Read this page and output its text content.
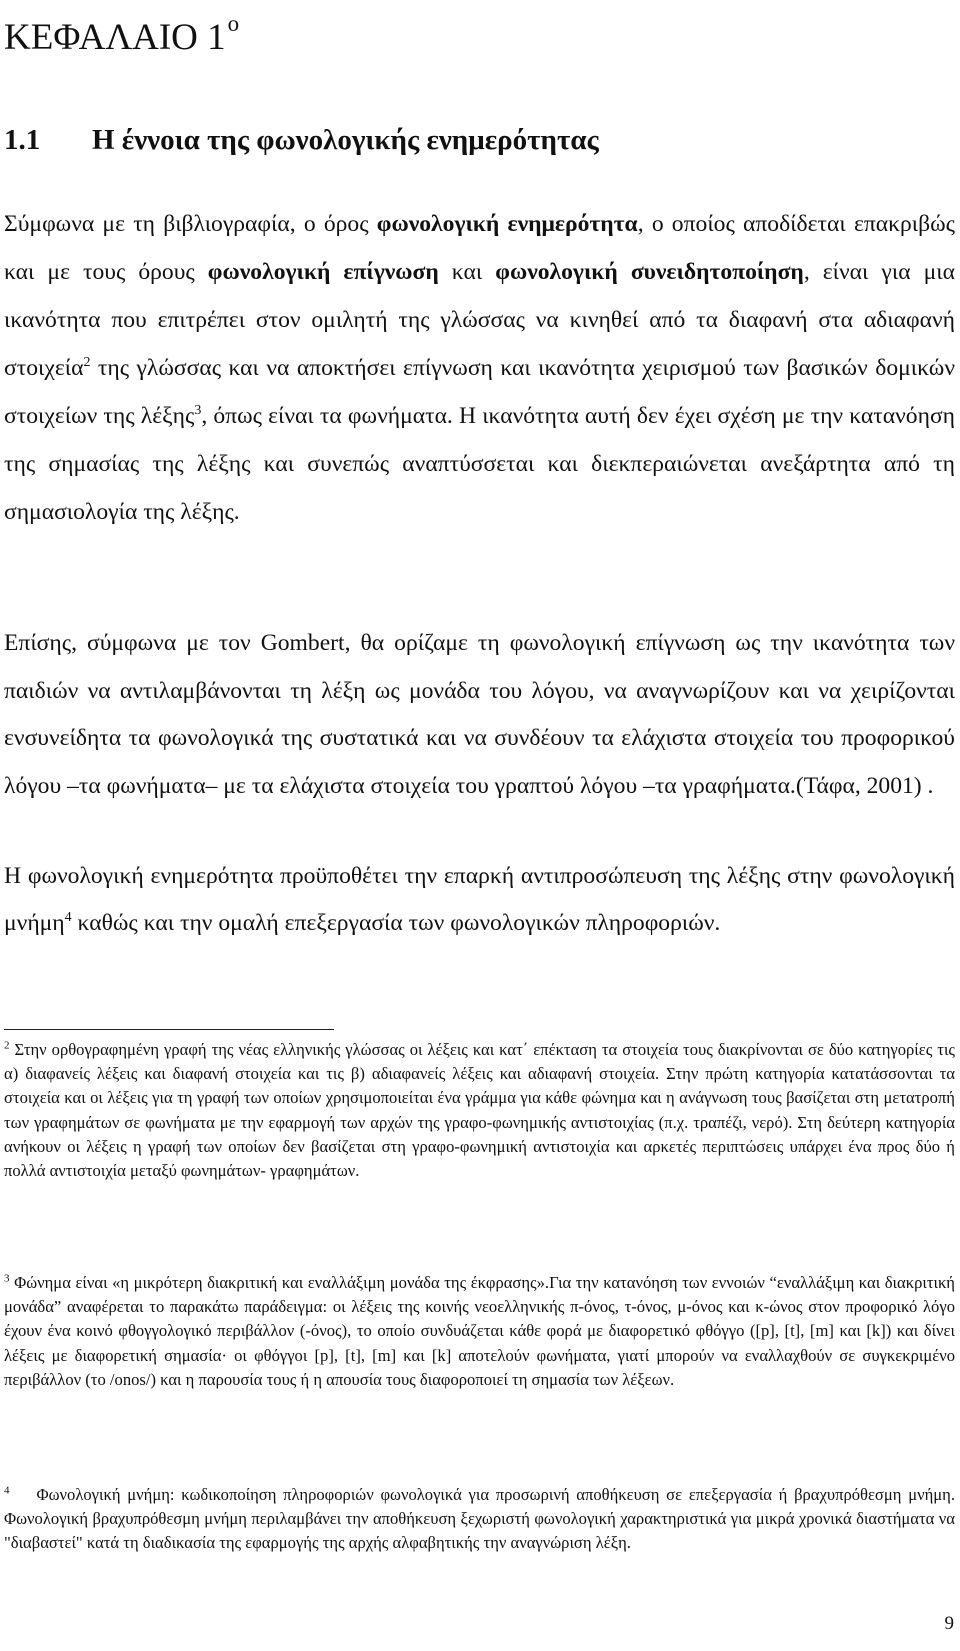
ΚΕΦΑΛΑΙΟ $1^o$
1.1 Η έννοια της φωνολογικής ενημερότητας

Σύμφωνα με τη βιβλιογραφία, ο όρος φωνολογική ενημερότητα, ο οποίος αποδίδεται επακριβώς και με τους όρους φωνολογική επίγνωση και φωνολογική συνειδητοποίηση, είναι για μια ικανότητα που επιτρέπει στον ομιλητή της γλώσσας να κινηθεί από τα διαφανή στα αδιαφανή στοιχεία$^2$ της γλώσσας και να αποκτήσει επίγνωση και ικανότητα χειρισμού των βασικών δομικών στοιχείων της λέξης$^3$, όπως είναι τα φωνήματα. Η ικανότητα αυτή δεν έχει σχέση με την κατανόηση της σημασίας της λέξης και συνεπώς αναπτύσσεται και διεκπεραιώνεται ανεξάρτητα από τη σημασιολογία της λέξης.

Επίσης, σύμφωνα με τον Gombert, θα ορίζαμε τη φωνολογική επίγνωση ως την ικανότητα των παιδιών να αντιλαμβάνονται τη λέξη ως μονάδα του λόγου, να αναγνωρίζουν και να χειρίζονται ενσυνείδητα τα φωνολογικά της συστατικά και να συνδέουν τα ελάχιστα στοιχεία του προφορικού λόγου –τα φωνήματα– με τα ελάχιστα στοιχεία του γραπτού λόγου –τα γραφήματα.(Τάφα, 2001) .

Η φωνολογική ενημερότητα προϋποθέτει την επαρκή αντιπροσώπευση της λέξης στην φωνολογική μνήμη$^4$ καθώς και την ομαλή επεξεργασία των φωνολογικών πληροφοριών.

$^2$ Στην ορθογραφημένη γραφή της νέας ελληνικής γλώσσας οι λέξεις και κατ΄ επέκταση τα στοιχεία τους διακρίνονται σε δύο κατηγορίες τις α) διαφανείς λέξεις και διαφανή στοιχεία και τις β) αδιαφανείς λέξεις και αδιαφανή στοιχεία. Στην πρώτη κατηγορία κατατάσσονται τα στοιχεία και οι λέξεις για τη γραφή των οποίων χρησιμοποιείται ένα γράμμα για κάθε φώνημα και η ανάγνωση τους βασίζεται στη μετατροπή των γραφημάτων σε φωνήματα με την εφαρμογή των αρχών της γραφο-φωνημικής αντιστοιχίας (π.χ. τραπέζι, νερό). Στη δεύτερη κατηγορία ανήκουν οι λέξεις η γραφή των οποίων δεν βασίζεται στη γραφο-φωνημική αντιστοιχία και αρκετές περιπτώσεις υπάρχει ένα προς δύο ή πολλά αντιστοιχία μεταξύ φωνημάτων- γραφημάτων.

$^3$ Φώνημα είναι «η μικρότερη διακριτική και εναλλάξιμη μονάδα της έκφρασης».Για την κατανόηση των εννοιών “εναλλάξιμη και διακριτική μονάδα” αναφέρεται το παρακάτω παράδειγμα: οι λέξεις της κοινής νεοελληνικής π-όνος, τ-όνος, μ-όνος και κ-ώνος στον προφορικό λόγο έχουν ένα κοινό φθογγολογικό περιβάλλον (-όνος), το οποίο συνδυάζεται κάθε φορά με διαφορετικό φθόγγο ([p], [t], [m] και [k]) και δίνει λέξεις με διαφορετική σημασία· οι φθόγγοι [p], [t], [m] και [k] αποτελούν φωνήματα, γιατί μπορούν να εναλλαχθούν σε συγκεκριμένο περιβάλλον (το /onos/) και η παρουσία τους ή η απουσία τους διαφοροποιεί τη σημασία των λέξεων.

$^4$ Φωνολογική μνήμη: κωδικοποίηση πληροφοριών φωνολογικά για προσωρινή αποθήκευση σε επεξεργασία ή βραχυπρόθεσμη μνήμη. Φωνολογική βραχυπρόθεσμη μνήμη περιλαμβάνει την αποθήκευση ξεχωριστή φωνολογική χαρακτηριστικά για μικρά χρονικά διαστήματα να "διαβαστεί" κατά τη διαδικασία της εφαρμογής της αρχής αλφαβητικής την αναγνώριση λέξη.

9
